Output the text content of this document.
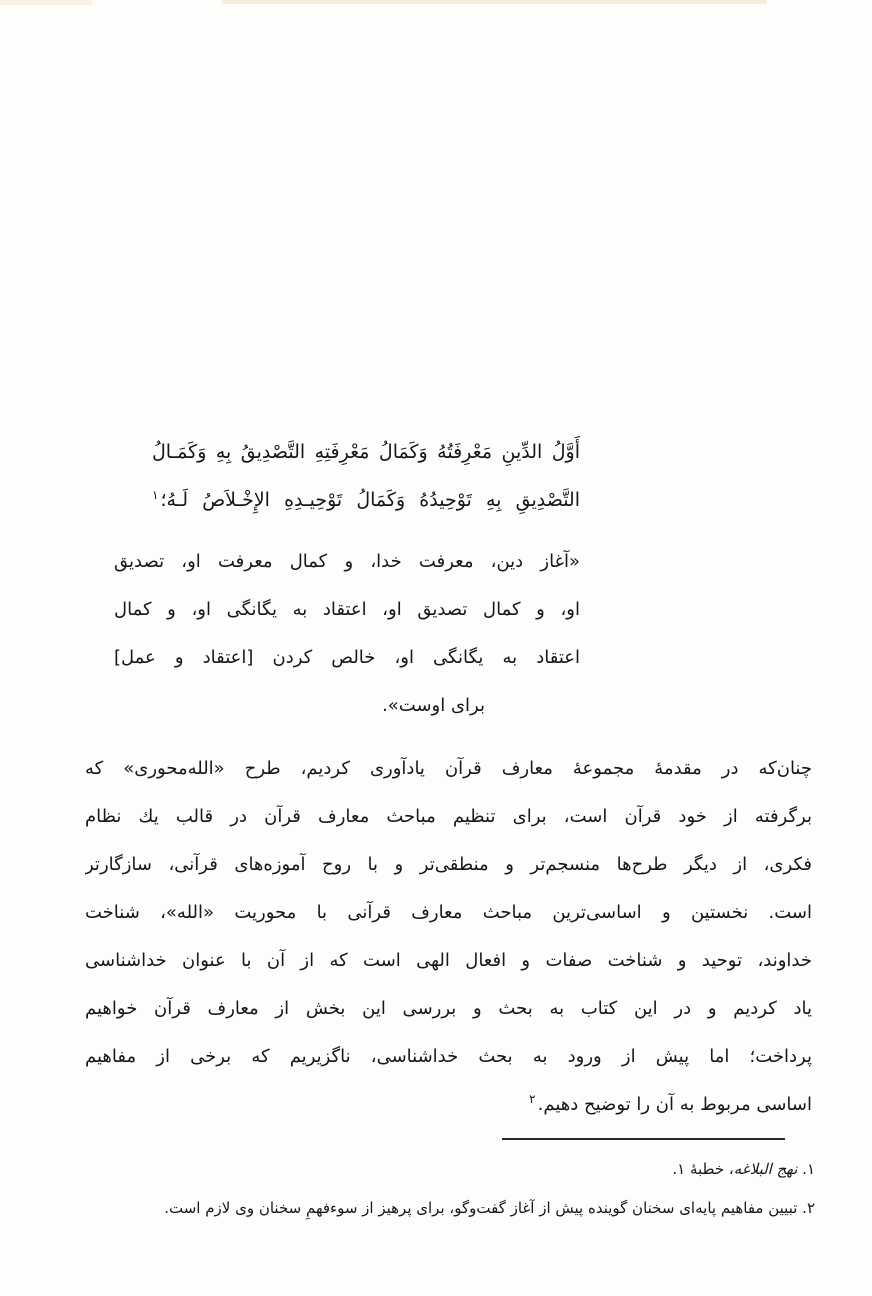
أَوَّلُ الدِّينِ مَعْرِفَتُهُ وَكَمَالُ مَعْرِفَتِهِ التَّصْدِيقُ بِهِ وَكَمَـالُ
التَّصْدِيقِ بِهِ تَوْحِيدُهُ وَكَمَالُ تَوْحِيـدِهِ الإِخْـلاَصُ لَـهُ؛$^۱$
«آغاز دين، معرفت خدا، و كمال معرفت او، تصديق
او، و كمال تصديق او، اعتقاد به يگانگى او، و كمال
اعتقاد به يگانگى او، خالص كردن [اعتقاد و عمل]
براى اوست».
چنان‌كه در مقدمهٔ مجموعهٔ معارف قرآن يادآورى كرديم، طرح «الله‌محورى» كه
برگرفته از خود قرآن است، براى تنظيم مباحث معارف قرآن در قالب يك نظام
فكرى، از ديگر طرح‌ها منسجم‌تر و منطقى‌تر و با روح آموزه‌هاى قرآنى، سازگارتر
است. نخستين و اساسى‌ترين مباحث معارف قرآنى با محوريت «الله»، شناخت
خداوند، توحيد و شناخت صفات و افعال الهى است كه از آن با عنوان خداشناسى
ياد كرديم و در اين كتاب به بحث و بررسى اين بخش از معارف قرآن خواهيم
پرداخت؛ اما پيش از ورود به بحث خداشناسى، ناگزيريم كه برخى از مفاهيم
اساسى مربوط به آن را توضيح دهيم.$^۲$
۱. نهج البلاغه، خطبهٔ ۱.
۲. تبيين مفاهيم پايه‌اى سخنان گوينده پيش از آغاز گفت‌وگو، براى پرهيز از سوءفهمِ سخنان وى لازم است.
